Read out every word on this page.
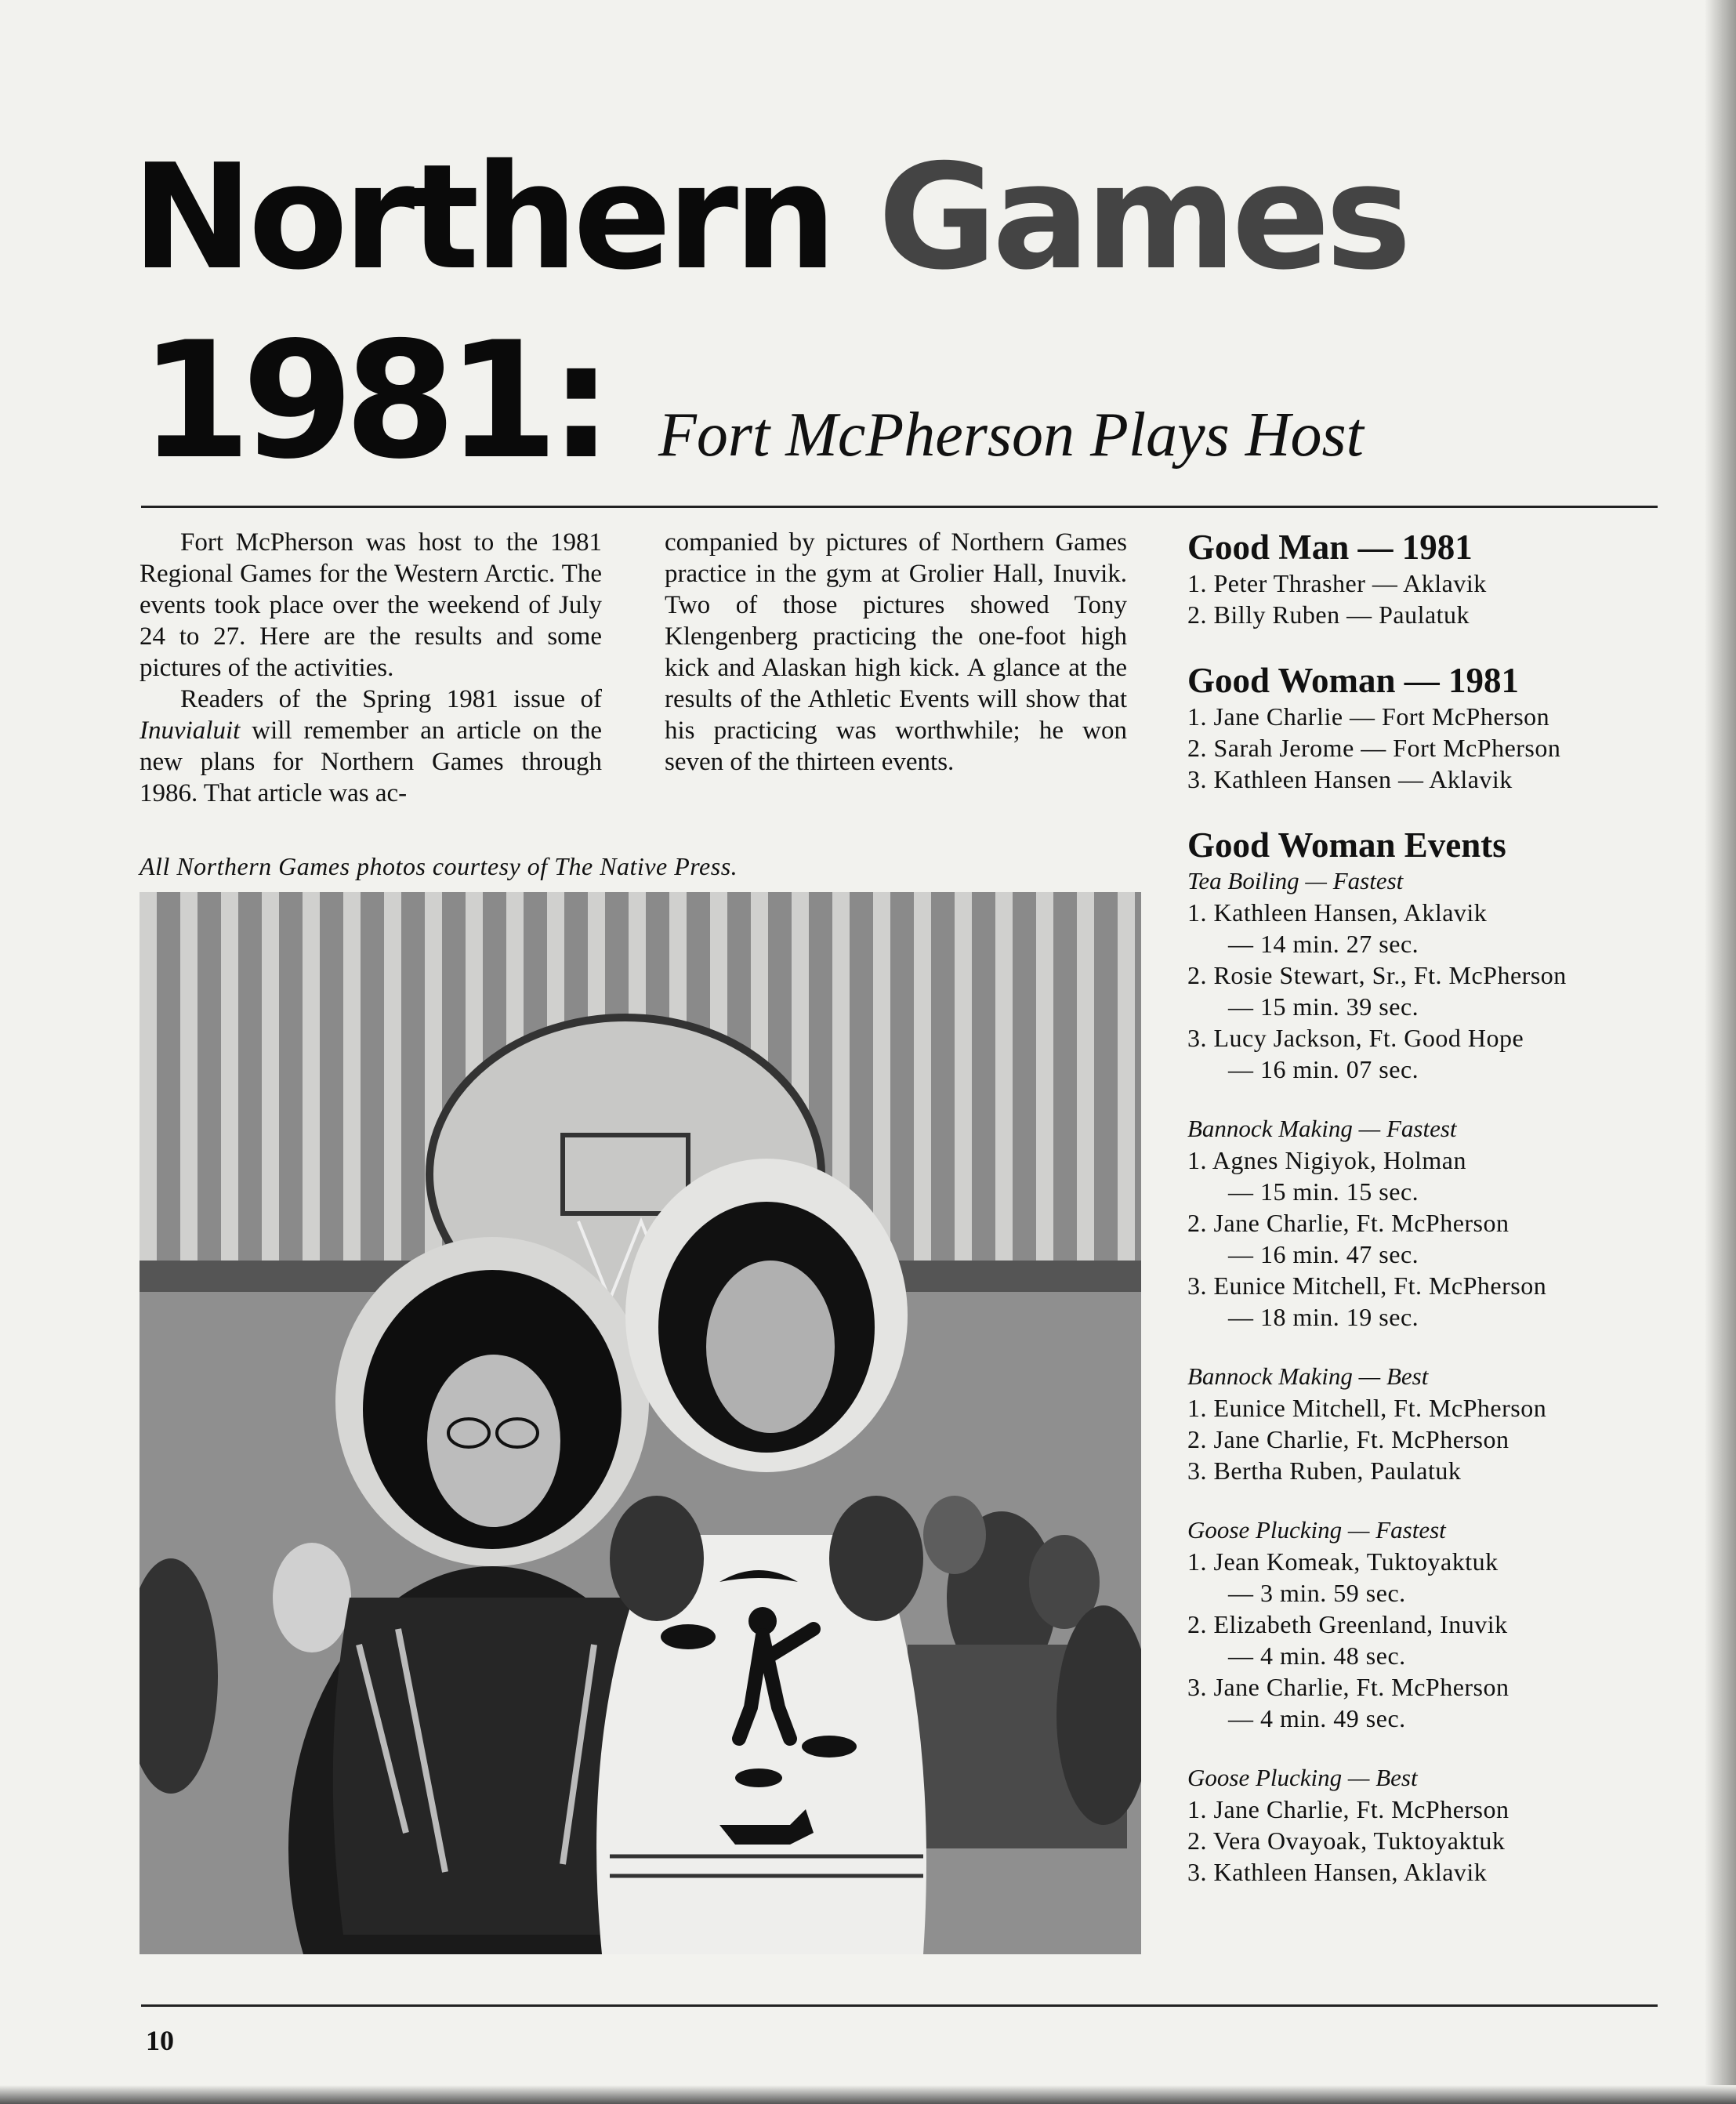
Northern Games
1981: Fort McPherson Plays Host

Fort McPherson was host to the 1981 Regional Games for the Western Arctic. The events took place over the weekend of July 24 to 27. Here are the results and some pictures of the activities.

Readers of the Spring 1981 issue of Inuvialuit will remember an article on the new plans for Northern Games through 1986. That article was ac-

companied by pictures of Northern Games practice in the gym at Grolier Hall, Inuvik. Two of those pictures showed Tony Klengenberg practicing the one-foot high kick and Alaskan high kick. A glance at the results of the Athletic Events will show that his practicing was worthwhile; he won seven of the thirteen events.

All Northern Games photos courtesy of The Native Press.
Good Man — 1981
1. Peter Thrasher — Aklavik
2. Billy Ruben — Paulatuk
Good Woman — 1981
1. Jane Charlie — Fort McPherson
2. Sarah Jerome — Fort McPherson
3. Kathleen Hansen — Aklavik
Good Woman Events

Tea Boiling — Fastest

1. Kathleen Hansen, Aklavik
— 14 min. 27 sec.
2. Rosie Stewart, Sr., Ft. McPherson
— 15 min. 39 sec.
3. Lucy Jackson, Ft. Good Hope
— 16 min. 07 sec.

Bannock Making — Fastest

1. Agnes Nigiyok, Holman
— 15 min. 15 sec.
2. Jane Charlie, Ft. McPherson
— 16 min. 47 sec.
3. Eunice Mitchell, Ft. McPherson
— 18 min. 19 sec.

Bannock Making — Best

1. Eunice Mitchell, Ft. McPherson
2. Jane Charlie, Ft. McPherson
3. Bertha Ruben, Paulatuk

Goose Plucking — Fastest

1. Jean Komeak, Tuktoyaktuk
— 3 min. 59 sec.
2. Elizabeth Greenland, Inuvik
— 4 min. 48 sec.
3. Jane Charlie, Ft. McPherson
— 4 min. 49 sec.

Goose Plucking — Best

1. Jane Charlie, Ft. McPherson
2. Vera Ovayoak, Tuktoyaktuk
3. Kathleen Hansen, Aklavik
10
